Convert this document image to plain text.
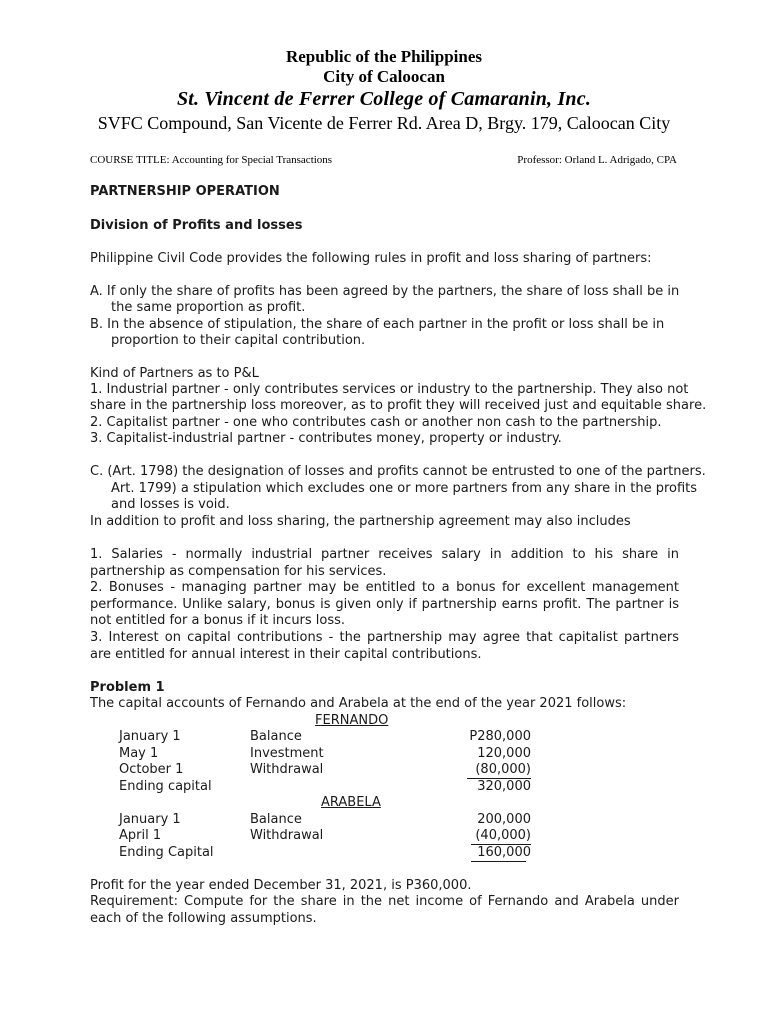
Republic of the Philippines
City of Caloocan
St. Vincent de Ferrer College of Camaranin, Inc.
SVFC Compound, San Vicente de Ferrer Rd. Area D, Brgy. 179, Caloocan City
COURSE TITLE: Accounting for Special Transactions	Professor: Orland L. Adrigado, CPA
PARTNERSHIP OPERATION
Division of Profits and losses
Philippine Civil Code provides the following rules in profit and loss sharing of partners:
A. If only the share of profits has been agreed by the partners, the share of loss shall be in
the same proportion as profit.
B. In the absence of stipulation, the share of each partner in the profit or loss shall be in
proportion to their capital contribution.
Kind of Partners as to P&L
1. Industrial partner - only contributes services or industry to the partnership. They also not
share in the partnership loss moreover, as to profit they will received just and equitable share.
2. Capitalist partner - one who contributes cash or another non cash to the partnership.
3. Capitalist-industrial partner - contributes money, property or industry.
C. (Art. 1798) the designation of losses and profits cannot be entrusted to one of the partners.
Art. 1799) a stipulation which excludes one or more partners from any share in the profits
and losses is void.
In addition to profit and loss sharing, the partnership agreement may also includes
1. Salaries - normally industrial partner receives salary in addition to his share in partnership as compensation for his services.
2. Bonuses - managing partner may be entitled to a bonus for excellent management performance. Unlike salary, bonus is given only if partnership earns profit. The partner is not entitled for a bonus if it incurs loss.
3. Interest on capital contributions - the partnership may agree that capitalist partners are entitled for annual interest in their capital contributions.
Problem 1
The capital accounts of Fernando and Arabela at the end of the year 2021 follows:
FERNANDO
January 1	Balance	P280,000
May 1	Investment	120,000
October 1	Withdrawal	(80,000)
Ending capital	320,000
ARABELA
January 1	Balance	200,000
April 1	Withdrawal	(40,000)
Ending Capital	160,000
Profit for the year ended December 31, 2021, is P360,000.
Requirement: Compute for the share in the net income of Fernando and Arabela under each of the following assumptions.
